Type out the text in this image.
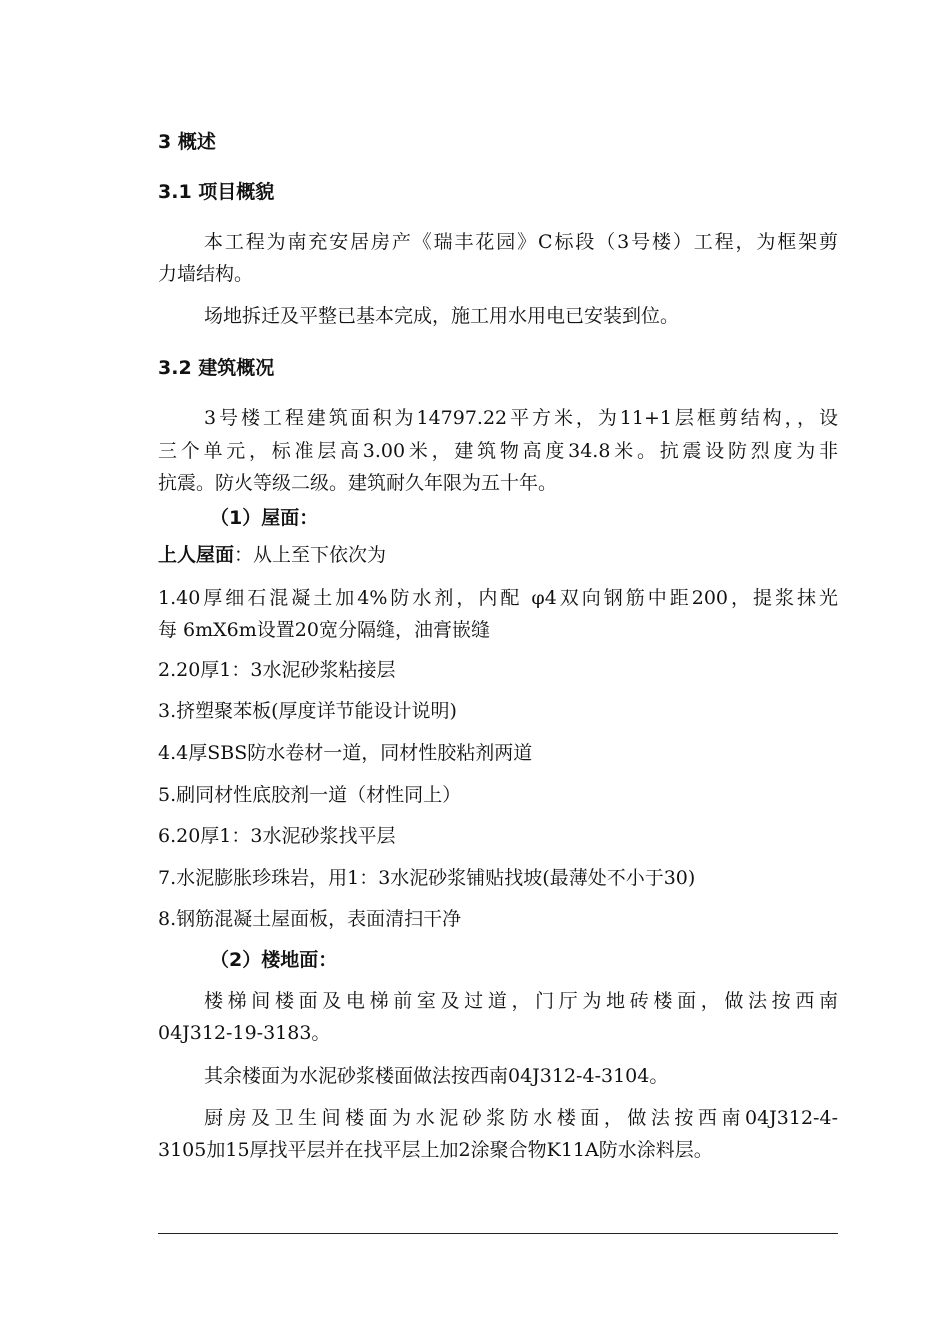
3 概述
3.1 项目概貌
本工程为南充安居房产《瑞丰花园》C标段（3号楼）工程，为框架剪
力墙结构。
场地拆迁及平整已基本完成，施工用水用电已安装到位。
3.2 建筑概况
3号楼工程建筑面积为14797.22平方米，为11+1层框剪结构，，设
三个单元，标准层高3.00米，建筑物高度34.8米。抗震设防烈度为非
抗震。防火等级二级。建筑耐久年限为五十年。
（1）屋面：
上人屋面：从上至下依次为
1.40厚细石混凝土加4%防水剂，内配 φ4双向钢筋中距200，提浆抹光
每 6mX6m设置20宽分隔缝，油膏嵌缝
2.20厚1：3水泥砂浆粘接层
3.挤塑聚苯板(厚度详节能设计说明)
4.4厚SBS防水卷材一道，同材性胶粘剂两道
5.刷同材性底胶剂一道（材性同上）
6.20厚1：3水泥砂浆找平层
7.水泥膨胀珍珠岩，用1：3水泥砂浆铺贴找坡(最薄处不小于30)
8.钢筋混凝土屋面板，表面清扫干净
（2）楼地面：
楼梯间楼面及电梯前室及过道，门厅为地砖楼面，做法按西南
04J312-19-3183。
其余楼面为水泥砂浆楼面做法按西南04J312-4-3104。
厨房及卫生间楼面为水泥砂浆防水楼面，做法按西南04J312-4-
3105加15厚找平层并在找平层上加2涂聚合物K11A防水涂料层。
